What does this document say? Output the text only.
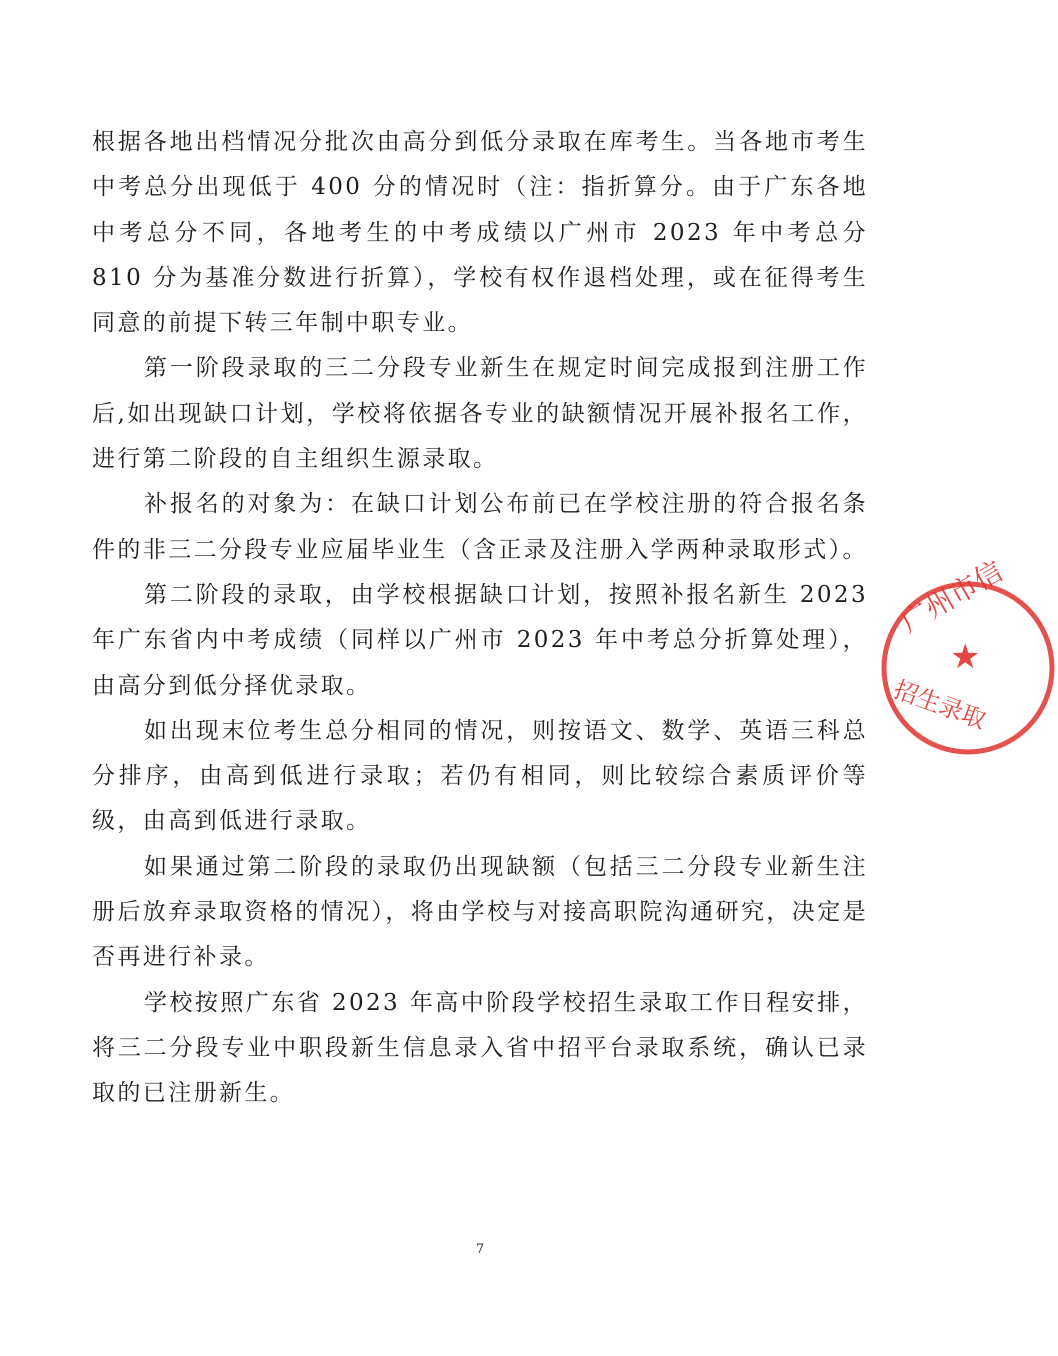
根据各地出档情况分批次由高分到低分录取在库考生。当各地市考生中考总分出现低于 400 分的情况时（注：指折算分。由于广东各地中考总分不同，各地考生的中考成绩以广州市 2023 年中考总分 810 分为基准分数进行折算），学校有权作退档处理，或在征得考生同意的前提下转三年制中职专业。

第一阶段录取的三二分段专业新生在规定时间完成报到注册工作后,如出现缺口计划，学校将依据各专业的缺额情况开展补报名工作，进行第二阶段的自主组织生源录取。

补报名的对象为：在缺口计划公布前已在学校注册的符合报名条件的非三二分段专业应届毕业生（含正录及注册入学两种录取形式）。

第二阶段的录取，由学校根据缺口计划，按照补报名新生 2023 年广东省内中考成绩（同样以广州市 2023 年中考总分折算处理），由高分到低分择优录取。

如出现末位考生总分相同的情况，则按语文、数学、英语三科总分排序，由高到低进行录取；若仍有相同，则比较综合素质评价等级，由高到低进行录取。

如果通过第二阶段的录取仍出现缺额（包括三二分段专业新生注册后放弃录取资格的情况），将由学校与对接高职院沟通研究，决定是否再进行补录。

学校按照广东省 2023 年高中阶段学校招生录取工作日程安排，将三二分段专业中职段新生信息录入省中招平台录取系统，确认已录取的已注册新生。

广州市信
招生录取
★
7
